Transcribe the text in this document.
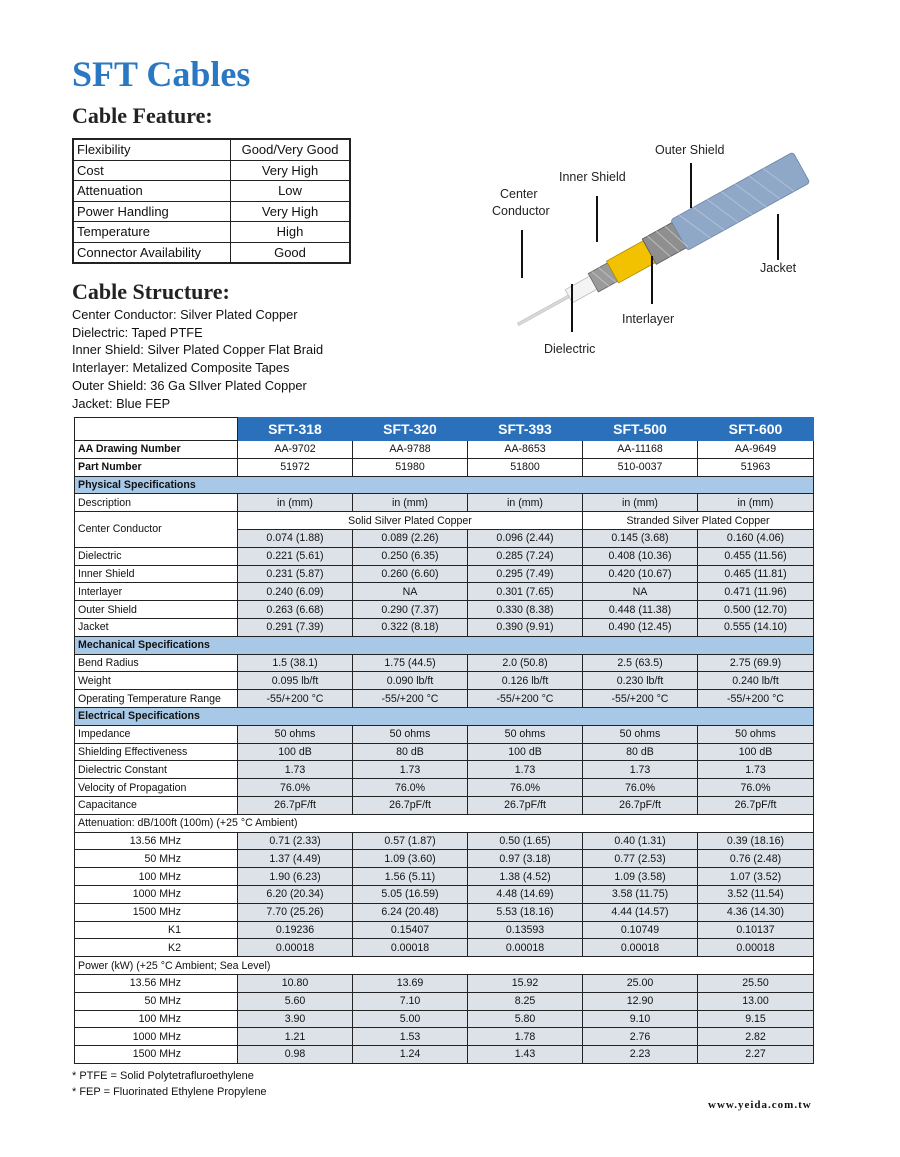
SFT Cables
Cable Feature:
Flexibility	Good/Very Good
Cost	Very High
Attenuation	Low
Power Handling	Very High
Temperature	High
Connector Availability	Good
Cable Structure:
Center Conductor: Silver Plated Copper
Dielectric: Taped PTFE
Inner Shield: Silver Plated Copper Flat Braid
Interlayer: Metalized Composite Tapes
Outer Shield: 36 Ga SIlver Plated Copper
Jacket: Blue FEP
Outer Shield
Inner Shield
Center
Conductor
Jacket
Interlayer
Dielectric
	SFT-318	SFT-320	SFT-393	SFT-500	SFT-600
AA Drawing Number	AA-9702	AA-9788	AA-8653	AA-11168	AA-9649
Part Number	51972	51980	51800	510-0037	51963
Physical Specifications					
Description	in (mm)	in (mm)	in (mm)	in (mm)	in (mm)
Center Conductor	Solid Silver Plated Copper			Stranded Silver Plated Copper	
	0.074 (1.88)	0.089 (2.26)	0.096 (2.44)	0.145 (3.68)	0.160 (4.06)
Dielectric	0.221 (5.61)	0.250 (6.35)	0.285 (7.24)	0.408 (10.36)	0.455 (11.56)
Inner Shield	0.231 (5.87)	0.260 (6.60)	0.295 (7.49)	0.420 (10.67)	0.465 (11.81)
Interlayer	0.240 (6.09)	NA	0.301 (7.65)	NA	0.471 (11.96)
Outer Shield	0.263 (6.68)	0.290 (7.37)	0.330 (8.38)	0.448 (11.38)	0.500 (12.70)
Jacket	0.291 (7.39)	0.322 (8.18)	0.390 (9.91)	0.490 (12.45)	0.555 (14.10)
Mechanical Specifications					
Bend Radius	1.5 (38.1)	1.75 (44.5)	2.0 (50.8)	2.5 (63.5)	2.75 (69.9)
Weight	0.095 lb/ft	0.090 lb/ft	0.126 lb/ft	0.230 lb/ft	0.240 lb/ft
Operating Temperature Range	-55/+200 °C	-55/+200 °C	-55/+200 °C	-55/+200 °C	-55/+200 °C
Electrical Specifications					
Impedance	50 ohms	50 ohms	50 ohms	50 ohms	50 ohms
Shielding Effectiveness	100 dB	80 dB	100 dB	80 dB	100 dB
Dielectric Constant	1.73	1.73	1.73	1.73	1.73
Velocity of Propagation	76.0%	76.0%	76.0%	76.0%	76.0%
Capacitance	26.7pF/ft	26.7pF/ft	26.7pF/ft	26.7pF/ft	26.7pF/ft
Attenuation: dB/100ft (100m) (+25 °C Ambient)					
13.56 MHz	0.71 (2.33)	0.57 (1.87)	0.50 (1.65)	0.40 (1.31)	0.39 (18.16)
50 MHz	1.37 (4.49)	1.09 (3.60)	0.97 (3.18)	0.77 (2.53)	0.76 (2.48)
100 MHz	1.90 (6.23)	1.56 (5.11)	1.38 (4.52)	1.09 (3.58)	1.07 (3.52)
1000 MHz	6.20 (20.34)	5.05 (16.59)	4.48 (14.69)	3.58 (11.75)	3.52 (11.54)
1500 MHz	7.70 (25.26)	6.24 (20.48)	5.53 (18.16)	4.44 (14.57)	4.36 (14.30)
K1	0.19236	0.15407	0.13593	0.10749	0.10137
K2	0.00018	0.00018	0.00018	0.00018	0.00018
Power (kW) (+25 °C Ambient; Sea Level)					
13.56 MHz	10.80	13.69	15.92	25.00	25.50
50 MHz	5.60	7.10	8.25	12.90	13.00
100 MHz	3.90	5.00	5.80	9.10	9.15
1000 MHz	1.21	1.53	1.78	2.76	2.82
1500 MHz	0.98	1.24	1.43	2.23	2.27
* PTFE = Solid Polytetrafluroethylene
* FEP = Fluorinated Ethylene Propylene
www.yeida.com.tw
